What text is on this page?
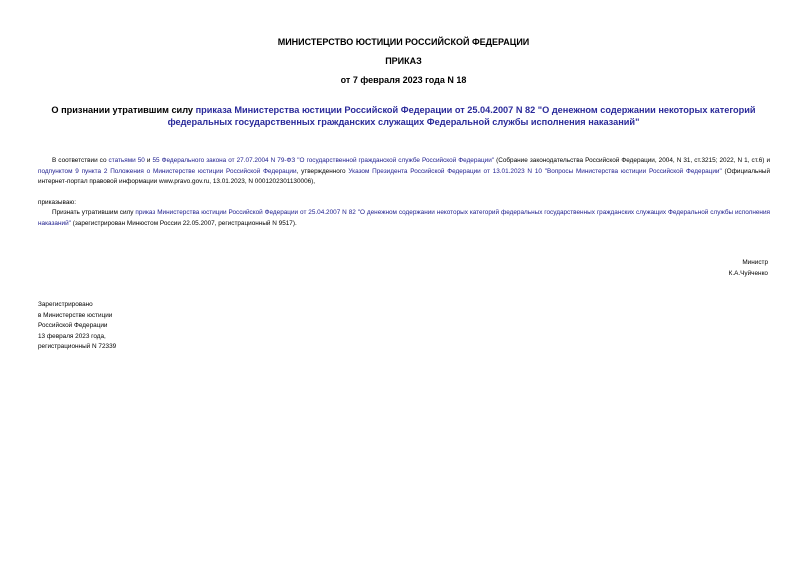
МИНИСТЕРСТВО ЮСТИЦИИ РОССИЙСКОЙ ФЕДЕРАЦИИ

ПРИКАЗ

от 7 февраля 2023 года N 18

О признании утратившим силу приказа Министерства юстиции Российской Федерации от 25.04.2007 N 82 "О денежном содержании некоторых категорий федеральных государственных гражданских служащих Федеральной службы исполнения наказаний"

В соответствии со статьями 50 и 55 Федерального закона от 27.07.2004 N 79-ФЗ "О государственной гражданской службе Российской Федерации" (Собрание законодательства Российской Федерации, 2004, N 31, ст.3215; 2022, N 1, ст.6) и подпунктом 9 пункта 2 Положения о Министерстве юстиции Российской Федерации, утвержденного Указом Президента Российской Федерации от 13.01.2023 N 10 "Вопросы Министерства юстиции Российской Федерации" (Официальный интернет-портал правовой информации www.pravo.gov.ru, 13.01.2023, N 0001202301130006),

приказываю:

Признать утратившим силу приказ Министерства юстиции Российской Федерации от 25.04.2007 N 82 "О денежном содержании некоторых категорий федеральных государственных гражданских служащих Федеральной службы исполнения наказаний" (зарегистрирован Минюстом России 22.05.2007, регистрационный N 9517).

Министр
К.А.Чуйченко
Зарегистрировано
в Министерстве юстиции
Российской Федерации
13 февраля 2023 года,
регистрационный N 72339
